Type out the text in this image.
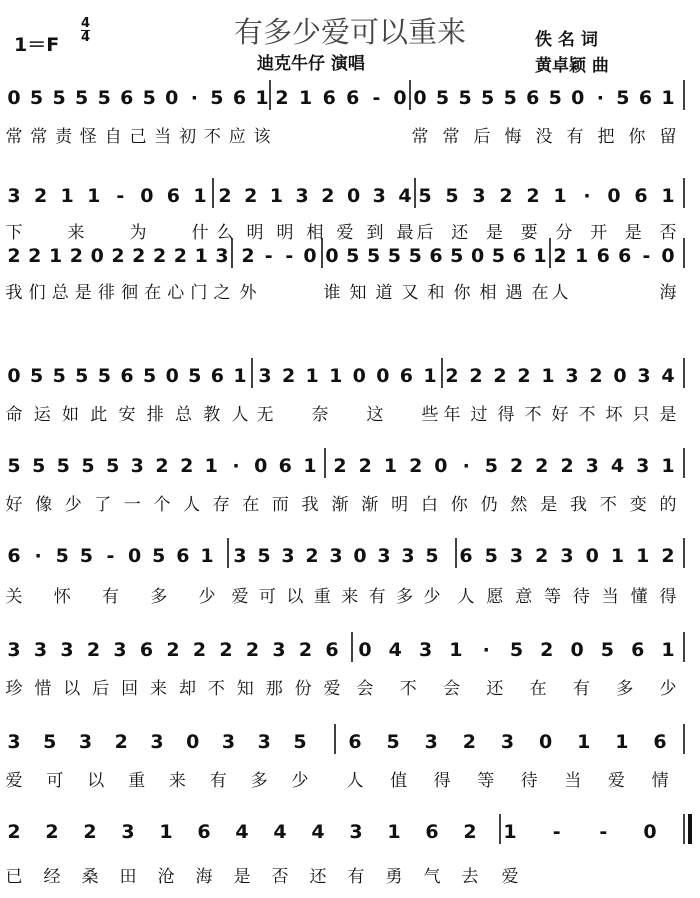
有多少爱可以重来
1＝F
4
4
迪克牛仔 演唱
佚 名 词
黄卓颖 曲
0 5 5 5 5 6 5 0 · 5 6 1
常 常 责 怪 自 己 当 初 不 应 该
2 1 6 6 - 0 0 5 5 5 5 6 5 0 · 5 6 1
常 常 后 悔 没 有 把 你 留
3 2 1 1 - 0 6 1
下	来	为	什
2 2 1 3 2 0 3 4
么 明 明 相 爱 到 最
5 5 3 2 2 1 · 0 6 1
后 还 是 要 分 开 是 否
2 2 1 2 0 2 2 2 2 1 3
我 们 总 是 徘 徊 在 心 门 之
2 - - 0
外
0 5 5 5 5 6 5 0 5 6 1
谁 知 道 又 和 你 相 遇 在
2 1 6 6 - 0
人	海
0 5 5 5 5 6 5 0 5 6 1
命 运 如 此 安 排 总 教 人
3 2 1 1 0 0 6 1
无 奈 这 些
2 2 2 2 1 3 2 0 3 4
年 过 得 不 好 不 坏 只 是
5 5 5 5 5 3 2 2 1 · 0 6 1
好 像 少 了 一 个 人 存 在 而 我
2 2 1 2 0 · 5 2 2 2 3 4 3 1
渐 渐 明 白 你 仍 然 是 我 不 变 的
6 · 5 5 - 0 5 6 1
关 怀 有 多 少
3 5 3 2 3 0 3 3 5
爱 可 以 重 来 有 多 少
6 5 3 2 3 0 1 1 2
人 愿 意 等 待 当 懂 得
3 3 3 2 3 6 2 2 2 2 3 2 6
珍 惜 以 后 回 来 却 不 知 那 份 爱
0 4 3 1 · 5 2 0 5 6 1
会 不 会 还 在 有 多 少
3 5 3 2 3 0 3 3 5
爱 可 以 重 来 有 多 少
6 5 3 2 3 0 1 1 6
人 值 得 等 待 当 爱 情
2 2 2 3 1 6 4 4 4 3 1 6 2
已 经 桑 田 沧 海 是 否 还 有 勇 气 去
1 - - 0
爱
